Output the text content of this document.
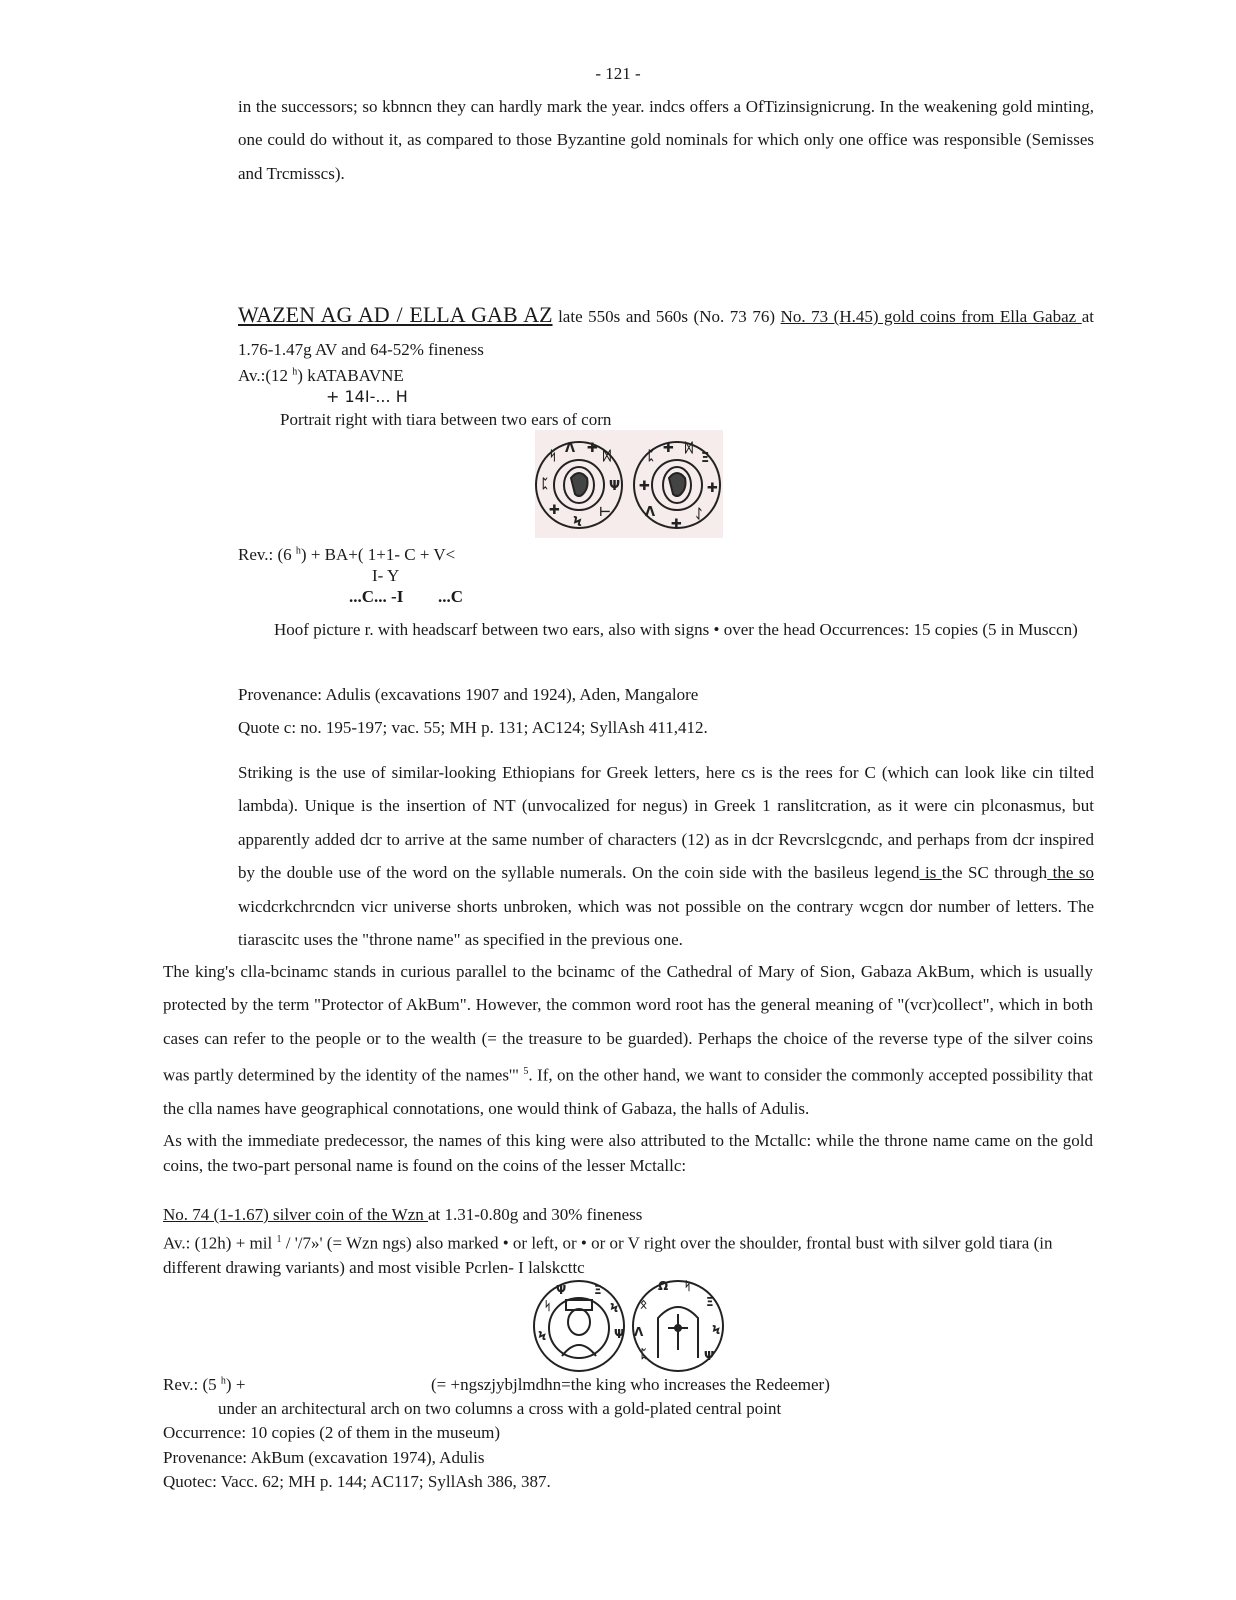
- 121 -
in the successors; so kbnncn they can hardly mark the year. indcs offers a OfTizinsignicrung. In the weakening gold minting, one could do without it, as compared to those Byzantine gold nominals for which only one office was responsible (Semisses and Trcmisscs).
WAZEN AG AD / ELLA GAB AZ late 550s and 560s (No. 73 76) No. 73 (H.45) gold coins from Ella Gabaz at 1.76-1.47g AV and 64-52% fineness
Av.:(12 $^h$) kATABAVNE
+ 14I-... H
Portrait right with tiara between two ears of corn
ᛋ
Λ ✚
ᛞ
Ψ
⊢
Ϟ
✚
ᛈ
ᛈ
✚ ᛞ
Ξ
✚
ᛇ
✚
Λ
✚
Rev.: (6 $^h$) + BA+( 1+1- C + V<
I- Y
...C... -I ...C
Hoof picture r. with headscarf between two ears, also with signs • over the head Occurrences: 15 copies (5 in Musccn)
Provenance: Adulis (excavations 1907 and 1924), Aden, Mangalore
Quote c: no. 195-197; vac. 55; MH p. 131; AC124; SyllAsh 411,412.
Striking is the use of similar-looking Ethiopians for Greek letters, here cs is the rees for C (which can look like cin tilted lambda). Unique is the insertion of NT (unvocalized for negus) in Greek 1 ranslitcration, as it were cin plconasmus, but apparently added dcr to arrive at the same number of characters (12) as in dcr Revcrslcgcndc, and perhaps from dcr inspired by the double use of the word on the syllable numerals. On the coin side with the basileus legend is the SC through the so wicdcrkchrcndcn vicr universe shorts unbroken, which was not possible on the contrary wcgcn dor number of letters. The tiarascitc uses the "throne name" as specified in the previous one.
The king's clla-bcinamc stands in curious parallel to the bcinamc of the Cathedral of Mary of Sion, Gabaza AkBum, which is usually protected by the term "Protector of AkBum". However, the common word root has the general meaning of "(vcr)collect", which in both cases can refer to the people or to the wealth (= the treasure to be guarded). Perhaps the choice of the reverse type of the silver coins was partly determined by the identity of the names'" $^5$. If, on the other hand, we want to consider the commonly accepted possibility that the clla names have geographical connotations, one would think of Gabaza, the halls of Adulis.
As with the immediate predecessor, the names of this king were also attributed to the Mctallc: while the throne name came on the gold coins, the two-part personal name is found on the coins of the lesser Mctallc:
No. 74 (1-1.67) silver coin of the Wzn at 1.31-0.80g and 30% fineness
Av.: (12h) + mil $^1$ / '/7»' (= Wzn ngs) also marked • or left, or • or or V right over the shoulder, frontal bust with silver gold tiara (in different drawing variants) and most visible Pcrlen- I lalskcttc
ᛋ
Ψ Ξ
Ϟ
Ψ
Ϟ
ᛟ
Ω ᛋ
Ξ
Ϟ
Λ
ᛈ	Ψ
Rev.: (5 $^h$) +	(= +ngszjybjlmdhn=the king who increases the Redeemer)
under an architectural arch on two columns a cross with a gold-plated central point
Occurrence: 10 copies (2 of them in the museum)
Provenance: AkBum (excavation 1974), Adulis
Quotec: Vacc. 62; MH p. 144; AC117; SyllAsh 386, 387.
